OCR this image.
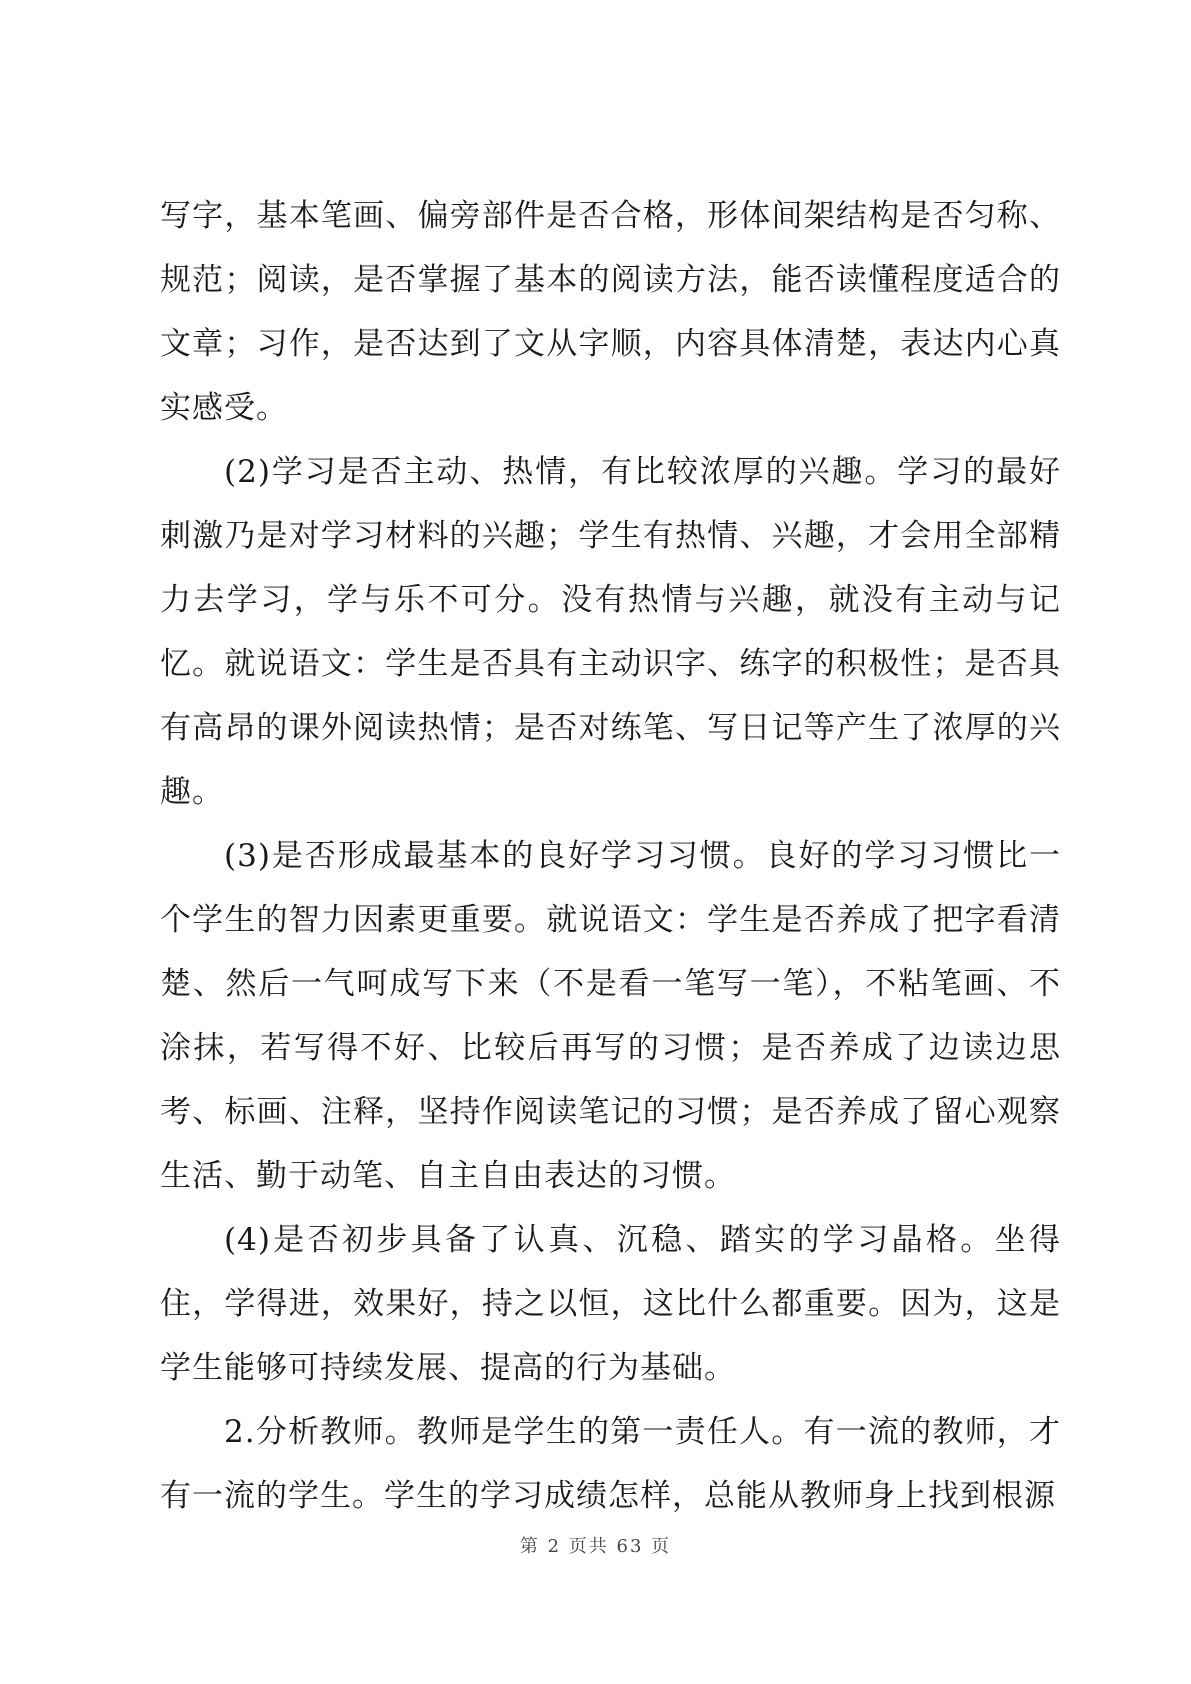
写字，基本笔画、偏旁部件是否合格，形体间架结构是否匀称、规范；阅读，是否掌握了基本的阅读方法，能否读懂程度适合的文章；习作，是否达到了文从字顺，内容具体清楚，表达内心真实感受。

(2)学习是否主动、热情，有比较浓厚的兴趣。学习的最好刺激乃是对学习材料的兴趣；学生有热情、兴趣，才会用全部精力去学习，学与乐不可分。没有热情与兴趣，就没有主动与记忆。就说语文：学生是否具有主动识字、练字的积极性；是否具有高昂的课外阅读热情；是否对练笔、写日记等产生了浓厚的兴趣。

(3)是否形成最基本的良好学习习惯。良好的学习习惯比一个学生的智力因素更重要。就说语文：学生是否养成了把字看清楚、然后一气呵成写下来（不是看一笔写一笔），不粘笔画、不涂抹，若写得不好、比较后再写的习惯；是否养成了边读边思考、标画、注释，坚持作阅读笔记的习惯；是否养成了留心观察生活、勤于动笔、自主自由表达的习惯。

(4)是否初步具备了认真、沉稳、踏实的学习晶格。坐得住，学得进，效果好，持之以恒，这比什么都重要。因为，这是学生能够可持续发展、提高的行为基础。

2.分析教师。教师是学生的第一责任人。有一流的教师，才有一流的学生。学生的学习成绩怎样，总能从教师身上找到根源

第 2 页共 63 页
